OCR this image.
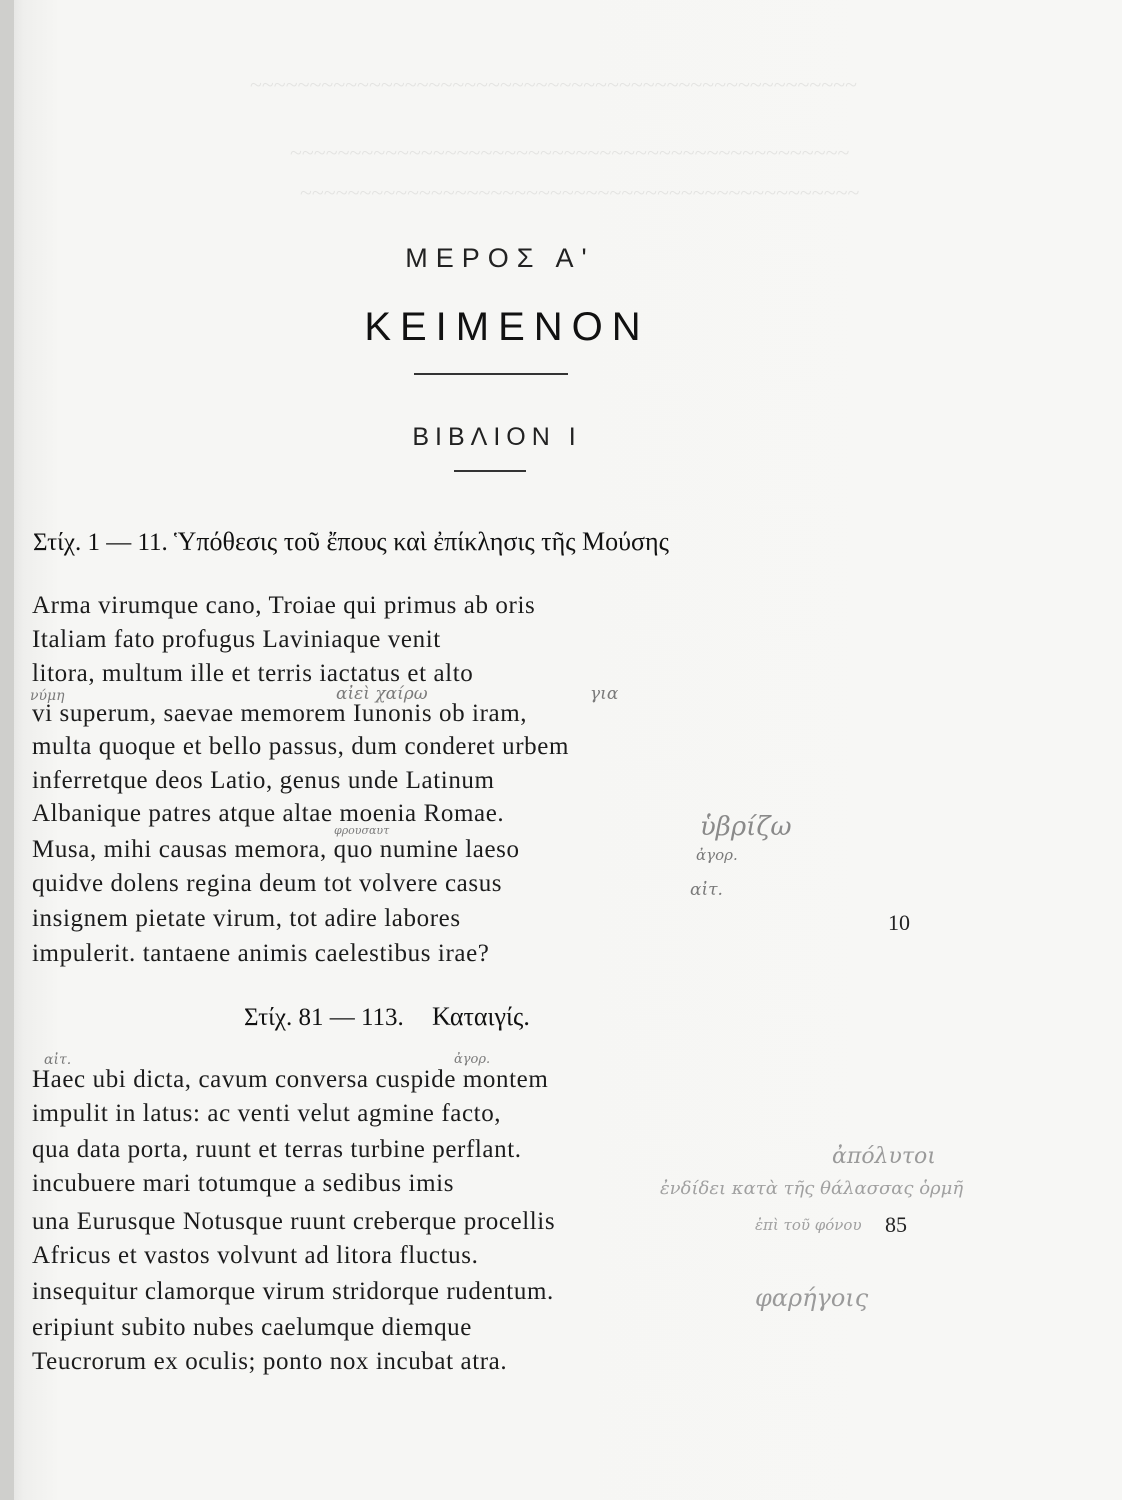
~~~~~~~~~~~~~~~~~~~~~~~~~~~~~~~~~~~~~~~~~~~~~~~~~~~
~~~~~~~~~~~~~~~~~~~~~~~~~~~~~~~~~~~~~~~~~~~~~~~
~~~~~~~~~~~~~~~~~~~~~~~~~~~~~~~~~~~~~~~~~~~~~~~
ΜΕΡΟΣ Α'
ΚΕΙΜΕΝΟΝ
ΒΙΒΛΙΟΝ Ι
Στίχ. 1 — 11. Ὑπόθεσις τοῦ ἔπους καὶ ἐπίκλησις τῆς Μούσης
Arma virumque cano, Troiae qui primus ab oris
Italiam fato profugus Laviniaque venit
litora, multum ille et terris iactatus et alto
vi superum, saevae memorem Iunonis ob iram,
multa quoque et bello passus, dum conderet urbem
inferretque deos Latio, genus unde Latinum
Albanique patres atque altae moenia Romae.
Musa, mihi causas memora, quo numine laeso
quidve dolens regina deum tot volvere casus
insignem pietate virum, tot adire labores
impulerit. tantaene animis caelestibus irae?
10
Στίχ. 81 — 113. Καταιγίς.
Haec ubi dicta, cavum conversa cuspide montem
impulit in latus: ac venti velut agmine facto,
qua data porta, ruunt et terras turbine perflant.
incubuere mari totumque a sedibus imis
una Eurusque Notusque ruunt creberque procellis
Africus et vastos volvunt ad litora fluctus.
insequitur clamorque virum stridorque rudentum.
eripiunt subito nubes caelumque diemque
Teucrorum ex oculis; ponto nox incubat atra.
85
νύμη	αἰεὶ χαίρω	για
ὑβρίζω
φρουσαυτ
ἀγορ.
αἰτ.
αἰτ.	ἀγορ.
ἀπόλυτοι
ἐνδίδει κατὰ τῆς θάλασσας ὁρμῆ
ἐπὶ τοῦ φόνου
φαρήγοις
